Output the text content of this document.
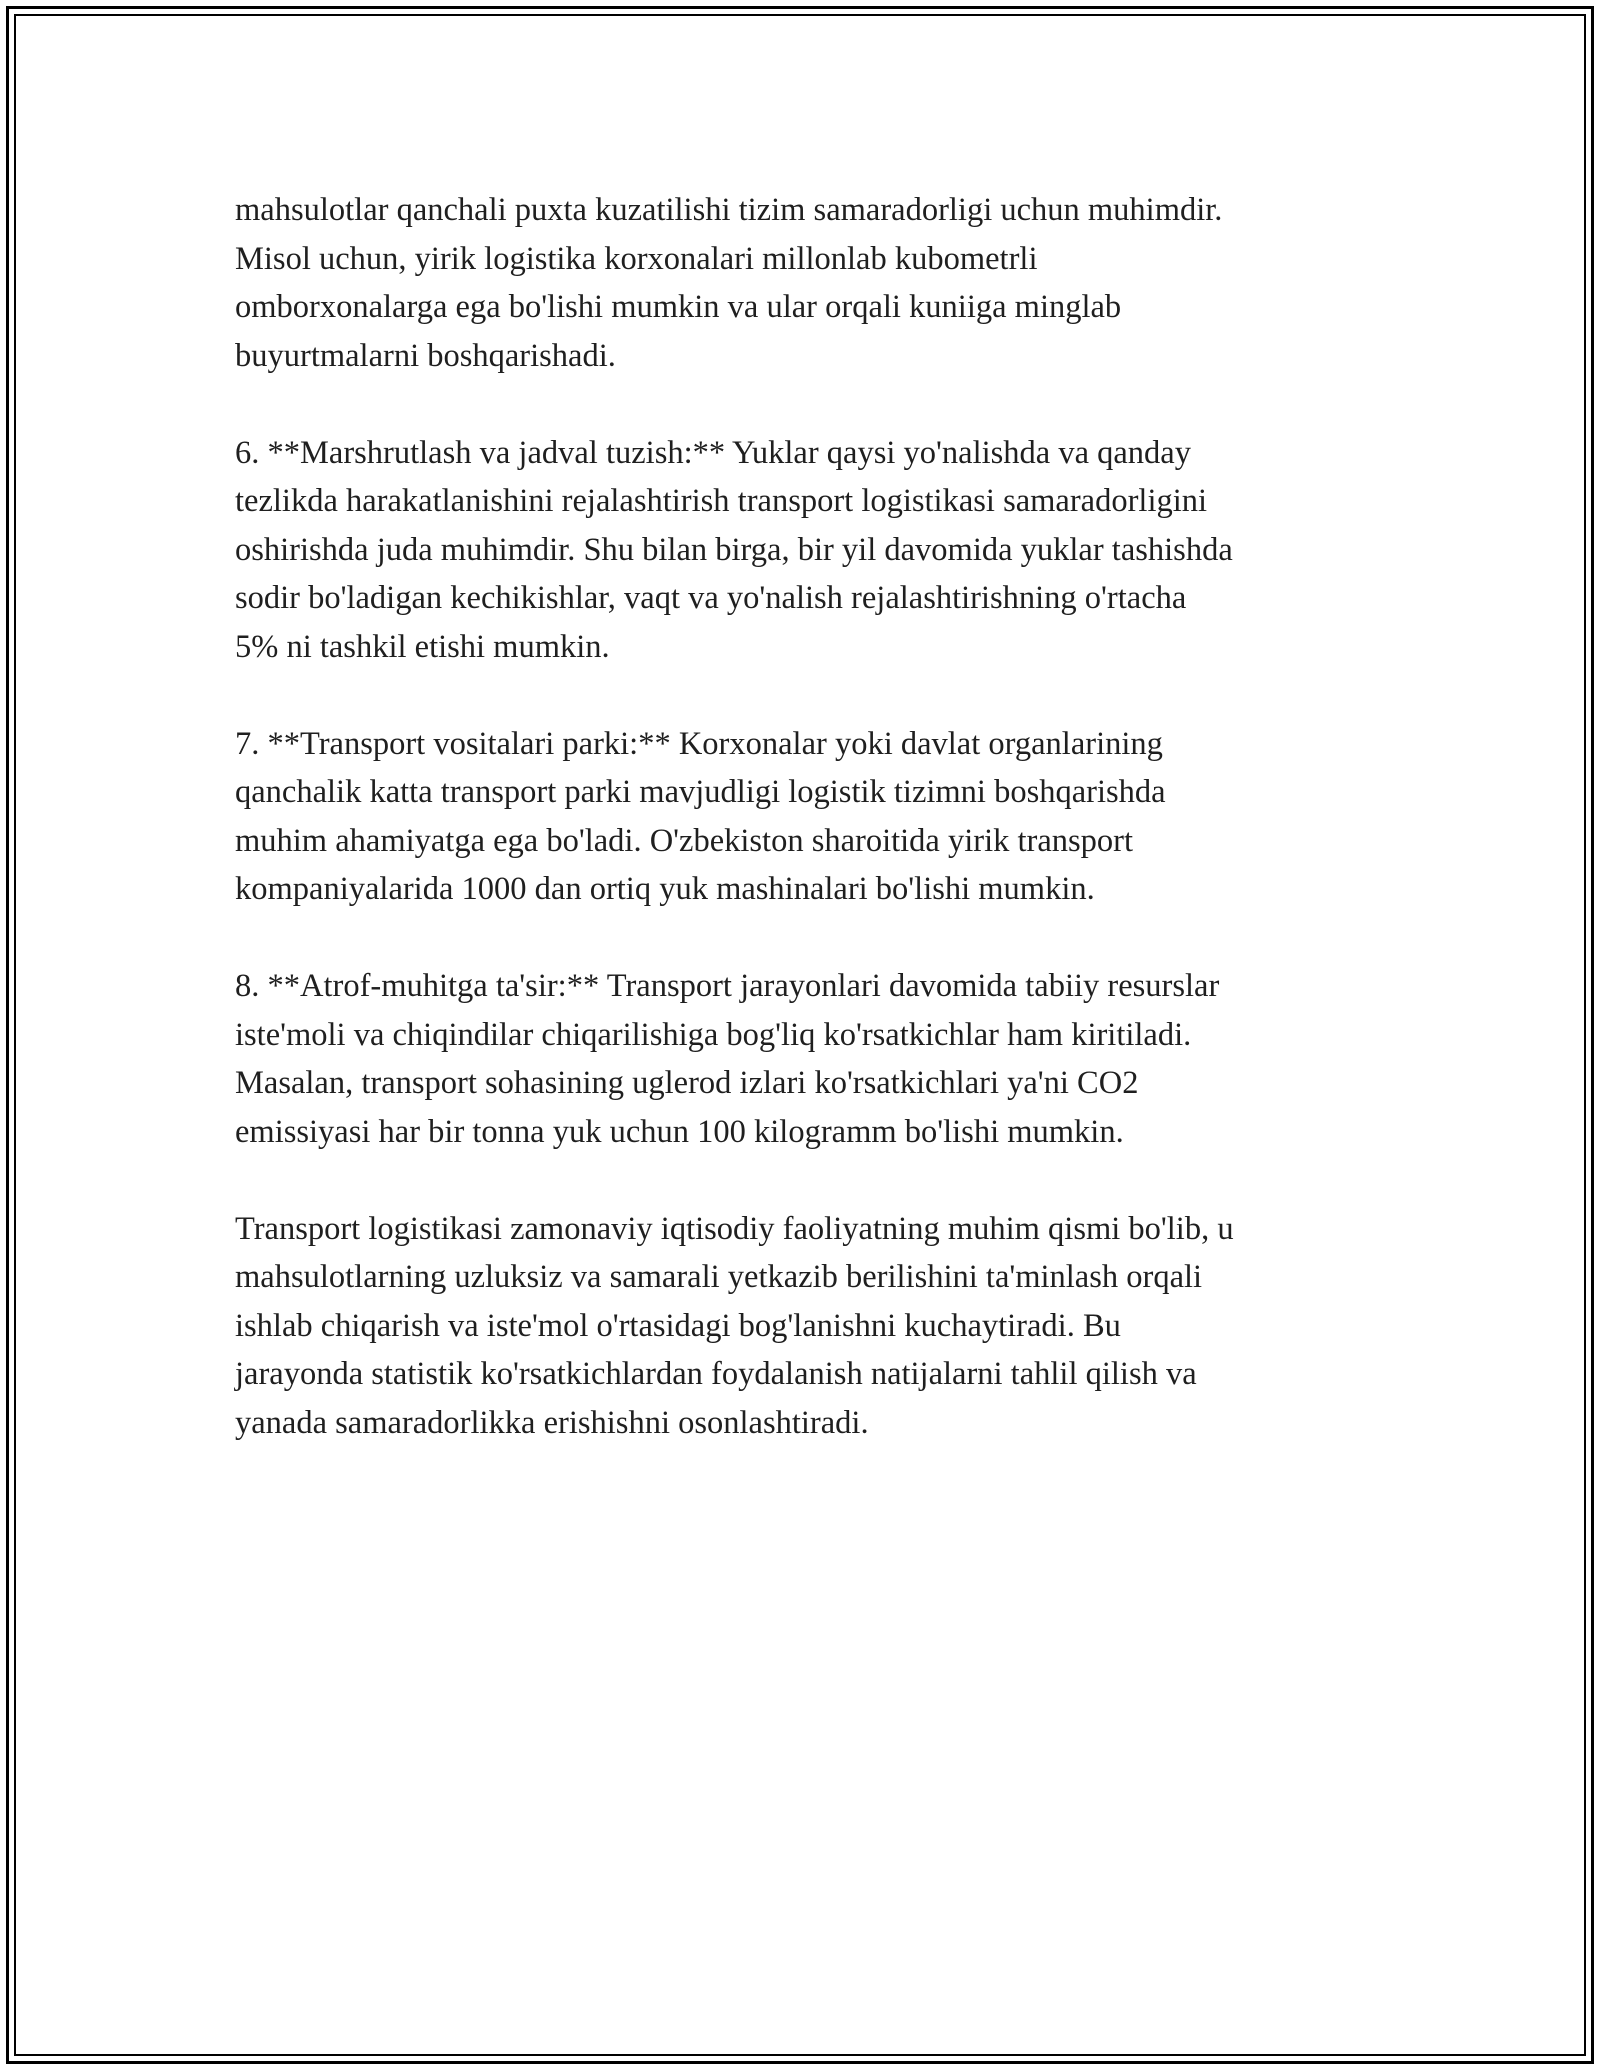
mahsulotlar qanchali puxta kuzatilishi tizim samaradorligi uchun muhimdir.
Misol uchun, yirik logistika korxonalari millonlab kubometrli
omborxonalarga ega bo'lishi mumkin va ular orqali kuniiga minglab
buyurtmalarni boshqarishadi.

6. **Marshrutlash va jadval tuzish:** Yuklar qaysi yo'nalishda va qanday
tezlikda harakatlanishini rejalashtirish transport logistikasi samaradorligini
oshirishda juda muhimdir. Shu bilan birga, bir yil davomida yuklar tashishda
sodir bo'ladigan kechikishlar, vaqt va yo'nalish rejalashtirishning o'rtacha
5% ni tashkil etishi mumkin.

7. **Transport vositalari parki:** Korxonalar yoki davlat organlarining
qanchalik katta transport parki mavjudligi logistik tizimni boshqarishda
muhim ahamiyatga ega bo'ladi. O'zbekiston sharoitida yirik transport
kompaniyalarida 1000 dan ortiq yuk mashinalari bo'lishi mumkin.

8. **Atrof-muhitga ta'sir:** Transport jarayonlari davomida tabiiy resurslar
iste'moli va chiqindilar chiqarilishiga bog'liq ko'rsatkichlar ham kiritiladi.
Masalan, transport sohasining uglerod izlari ko'rsatkichlari ya'ni CO2
emissiyasi har bir tonna yuk uchun 100 kilogramm bo'lishi mumkin.

Transport logistikasi zamonaviy iqtisodiy faoliyatning muhim qismi bo'lib, u
mahsulotlarning uzluksiz va samarali yetkazib berilishini ta'minlash orqali
ishlab chiqarish va iste'mol o'rtasidagi bog'lanishni kuchaytiradi. Bu
jarayonda statistik ko'rsatkichlardan foydalanish natijalarni tahlil qilish va
yanada samaradorlikka erishishni osonlashtiradi.
